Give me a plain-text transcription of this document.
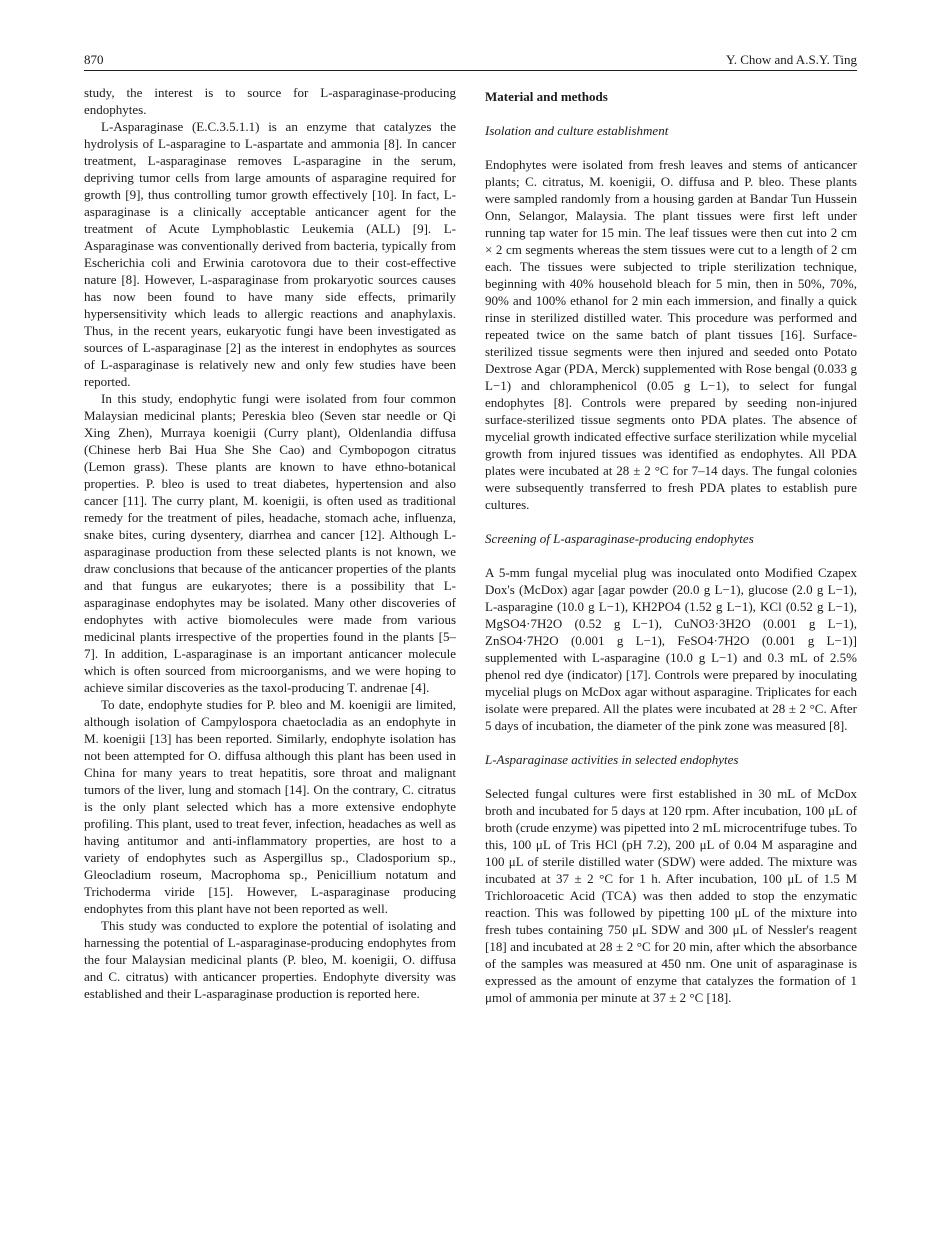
870	Y. Chow and A.S.Y. Ting

study, the interest is to source for L-asparaginase-producing endophytes.

L-Asparaginase (E.C.3.5.1.1) is an enzyme that catalyzes the hydrolysis of L-asparagine to L-aspartate and ammonia [8]. In cancer treatment, L-asparaginase removes L-asparagine in the serum, depriving tumor cells from large amounts of asparagine required for growth [9], thus controlling tumor growth effectively [10]. In fact, L-asparaginase is a clinically acceptable anticancer agent for the treatment of Acute Lymphoblastic Leukemia (ALL) [9]. L-Asparaginase was conventionally derived from bacteria, typically from Escherichia coli and Erwinia carotovora due to their cost-effective nature [8]. However, L-asparaginase from prokaryotic sources causes has now been found to have many side effects, primarily hypersensitivity which leads to allergic reactions and anaphylaxis. Thus, in the recent years, eukaryotic fungi have been investigated as sources of L-asparaginase [2] as the interest in endophytes as sources of L-asparaginase is relatively new and only few studies have been reported.

In this study, endophytic fungi were isolated from four common Malaysian medicinal plants; Pereskia bleo (Seven star needle or Qi Xing Zhen), Murraya koenigii (Curry plant), Oldenlandia diffusa (Chinese herb Bai Hua She She Cao) and Cymbopogon citratus (Lemon grass). These plants are known to have ethno-botanical properties. P. bleo is used to treat diabetes, hypertension and also cancer [11]. The curry plant, M. koenigii, is often used as traditional remedy for the treatment of piles, headache, stomach ache, influenza, snake bites, curing dysentery, diarrhea and cancer [12]. Although L-asparaginase production from these selected plants is not known, we draw conclusions that because of the anticancer properties of the plants and that fungus are eukaryotes; there is a possibility that L-asparaginase endophytes may be isolated. Many other discoveries of endophytes with active biomolecules were made from various medicinal plants irrespective of the properties found in the plants [5–7]. In addition, L-asparaginase is an important anticancer molecule which is often sourced from microorganisms, and we were hoping to achieve similar discoveries as the taxol-producing T. andrenae [4].

To date, endophyte studies for P. bleo and M. koenigii are limited, although isolation of Campylospora chaetocladia as an endophyte in M. koenigii [13] has been reported. Similarly, endophyte isolation has not been attempted for O. diffusa although this plant has been used in China for many years to treat hepatitis, sore throat and malignant tumors of the liver, lung and stomach [14]. On the contrary, C. citratus is the only plant selected which has a more extensive endophyte profiling. This plant, used to treat fever, infection, headaches as well as having antitumor and anti-inflammatory properties, are host to a variety of endophytes such as Aspergillus sp., Cladosporium sp., Gleocladium roseum, Macrophoma sp., Penicillium notatum and Trichoderma viride [15]. However, L-asparaginase producing endophytes from this plant have not been reported as well.

This study was conducted to explore the potential of isolating and harnessing the potential of L-asparaginase-producing endophytes from the four Malaysian medicinal plants (P. bleo, M. koenigii, O. diffusa and C. citratus) with anticancer properties. Endophyte diversity was established and their L-asparaginase production is reported here.

Material and methods
Isolation and culture establishment

Endophytes were isolated from fresh leaves and stems of anticancer plants; C. citratus, M. koenigii, O. diffusa and P. bleo. These plants were sampled randomly from a housing garden at Bandar Tun Hussein Onn, Selangor, Malaysia. The plant tissues were first left under running tap water for 15 min. The leaf tissues were then cut into 2 cm × 2 cm segments whereas the stem tissues were cut to a length of 2 cm each. The tissues were subjected to triple sterilization technique, beginning with 40% household bleach for 5 min, then in 50%, 70%, 90% and 100% ethanol for 2 min each immersion, and finally a quick rinse in sterilized distilled water. This procedure was performed and repeated twice on the same batch of plant tissues [16]. Surface-sterilized tissue segments were then injured and seeded onto Potato Dextrose Agar (PDA, Merck) supplemented with Rose bengal (0.033 g L−1) and chloramphenicol (0.05 g L−1), to select for fungal endophytes [8]. Controls were prepared by seeding non-injured surface-sterilized tissue segments onto PDA plates. The absence of mycelial growth indicated effective surface sterilization while mycelial growth from injured tissues was identified as endophytes. All PDA plates were incubated at 28 ± 2 °C for 7–14 days. The fungal colonies were subsequently transferred to fresh PDA plates to establish pure cultures.

Screening of L-asparaginase-producing endophytes

A 5-mm fungal mycelial plug was inoculated onto Modified Czapex Dox's (McDox) agar [agar powder (20.0 g L−1), glucose (2.0 g L−1), L-asparagine (10.0 g L−1), KH2PO4 (1.52 g L−1), KCl (0.52 g L−1), MgSO4·7H2O (0.52 g L−1), CuNO3·3H2O (0.001 g L−1), ZnSO4·7H2O (0.001 g L−1), FeSO4·7H2O (0.001 g L−1)] supplemented with L-asparagine (10.0 g L−1) and 0.3 mL of 2.5% phenol red dye (indicator) [17]. Controls were prepared by inoculating mycelial plugs on McDox agar without asparagine. Triplicates for each isolate were prepared. All the plates were incubated at 28 ± 2 °C. After 5 days of incubation, the diameter of the pink zone was measured [8].

L-Asparaginase activities in selected endophytes

Selected fungal cultures were first established in 30 mL of McDox broth and incubated for 5 days at 120 rpm. After incubation, 100 μL of broth (crude enzyme) was pipetted into 2 mL microcentrifuge tubes. To this, 100 μL of Tris HCl (pH 7.2), 200 μL of 0.04 M asparagine and 100 μL of sterile distilled water (SDW) were added. The mixture was incubated at 37 ± 2 °C for 1 h. After incubation, 100 μL of 1.5 M Trichloroacetic Acid (TCA) was then added to stop the enzymatic reaction. This was followed by pipetting 100 μL of the mixture into fresh tubes containing 750 μL SDW and 300 μL of Nessler's reagent [18] and incubated at 28 ± 2 °C for 20 min, after which the absorbance of the samples was measured at 450 nm. One unit of asparaginase is expressed as the amount of enzyme that catalyzes the formation of 1 μmol of ammonia per minute at 37 ± 2 °C [18].
